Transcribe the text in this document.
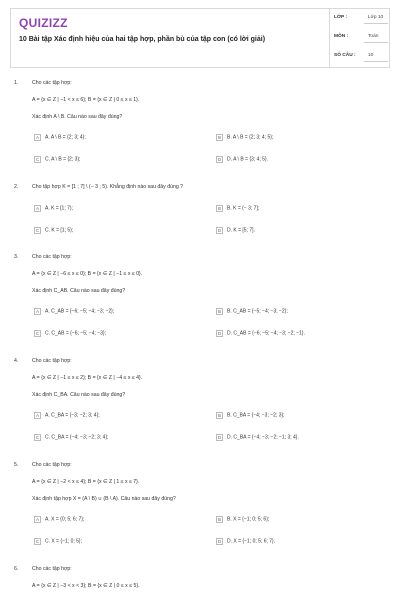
QUIZIZZ
10 Bài tập Xác định hiệu của hai tập hợp, phần bù của tập con (có lời giải)
LỚP :	Lớp 10
MÔN :	Toán
SỐ CÂU :	10
1.	Cho các tập hợp:
A = {x ∈ Z | −1 < x ≤ 6}; B = {x ∈ Z | 0 ≤ x ≤ 1}.
Xác định A \ B. Câu nào sau đây đúng?
A A. A \ B = {2; 3; 4};	B B. A \ B = {2; 3; 4; 5};
C C. A \ B = {2; 3};	D D. A \ B = {3; 4; 5}.
2.	Cho tập hợp K = [1 ; 7] \ (− 3 ; 5). Khẳng định nào sau đây đúng ?
A A. K = [1; 7);	B B. K = (− 3; 7];
C C. K = [1; 5);	D D. K = [5; 7].
3.	Cho các tập hợp:
A = {x ∈ Z | −6 ≤ x ≤ 0}; B = {x ∈ Z | −1 ≤ x ≤ 0}.
Xác định C_AB. Câu nào sau đây đúng?
A A. C_AB = {−6; −5; −4; −3; −2};	B B. C_AB = {−5; −4; −3; −2};
C C. C_AB = {−6; −5; −4; −3};	D D. C_AB = {−6; −5; −4; −3; −2; −1}.
4.	Cho các tập hợp:
A = {x ∈ Z | −1 ≤ x ≤ 2}; B = {x ∈ Z | −4 ≤ x ≤ 4}.
Xác định C_BA. Câu nào sau đây đúng?
A A. C_BA = {−3; −2; 3; 4};	B B. C_BA = {−4; −3; −2; 3};
C C. C_BA = {−4; −3; −2; 3; 4};	D D. C_BA = {−4; −3; −2; −1; 3; 4}.
5.	Cho các tập hợp:
A = {x ∈ Z | −2 < x ≤ 4}; B = {x ∈ Z | 1 ≤ x ≤ 7}.
Xác định tập hợp X = (A \ B) ∪ (B \ A). Câu nào sau đây đúng?
A A. X = {0; 5; 6; 7};	B B. X = {−1; 0; 5; 6};
C C. X = {−1; 0; 5};	D D. X = {−1; 0; 5; 6; 7}.
6.	Cho các tập hợp:
A = {x ∈ Z | −3 < x < 3}; B = {x ∈ Z | 0 ≤ x ≤ 5}.
